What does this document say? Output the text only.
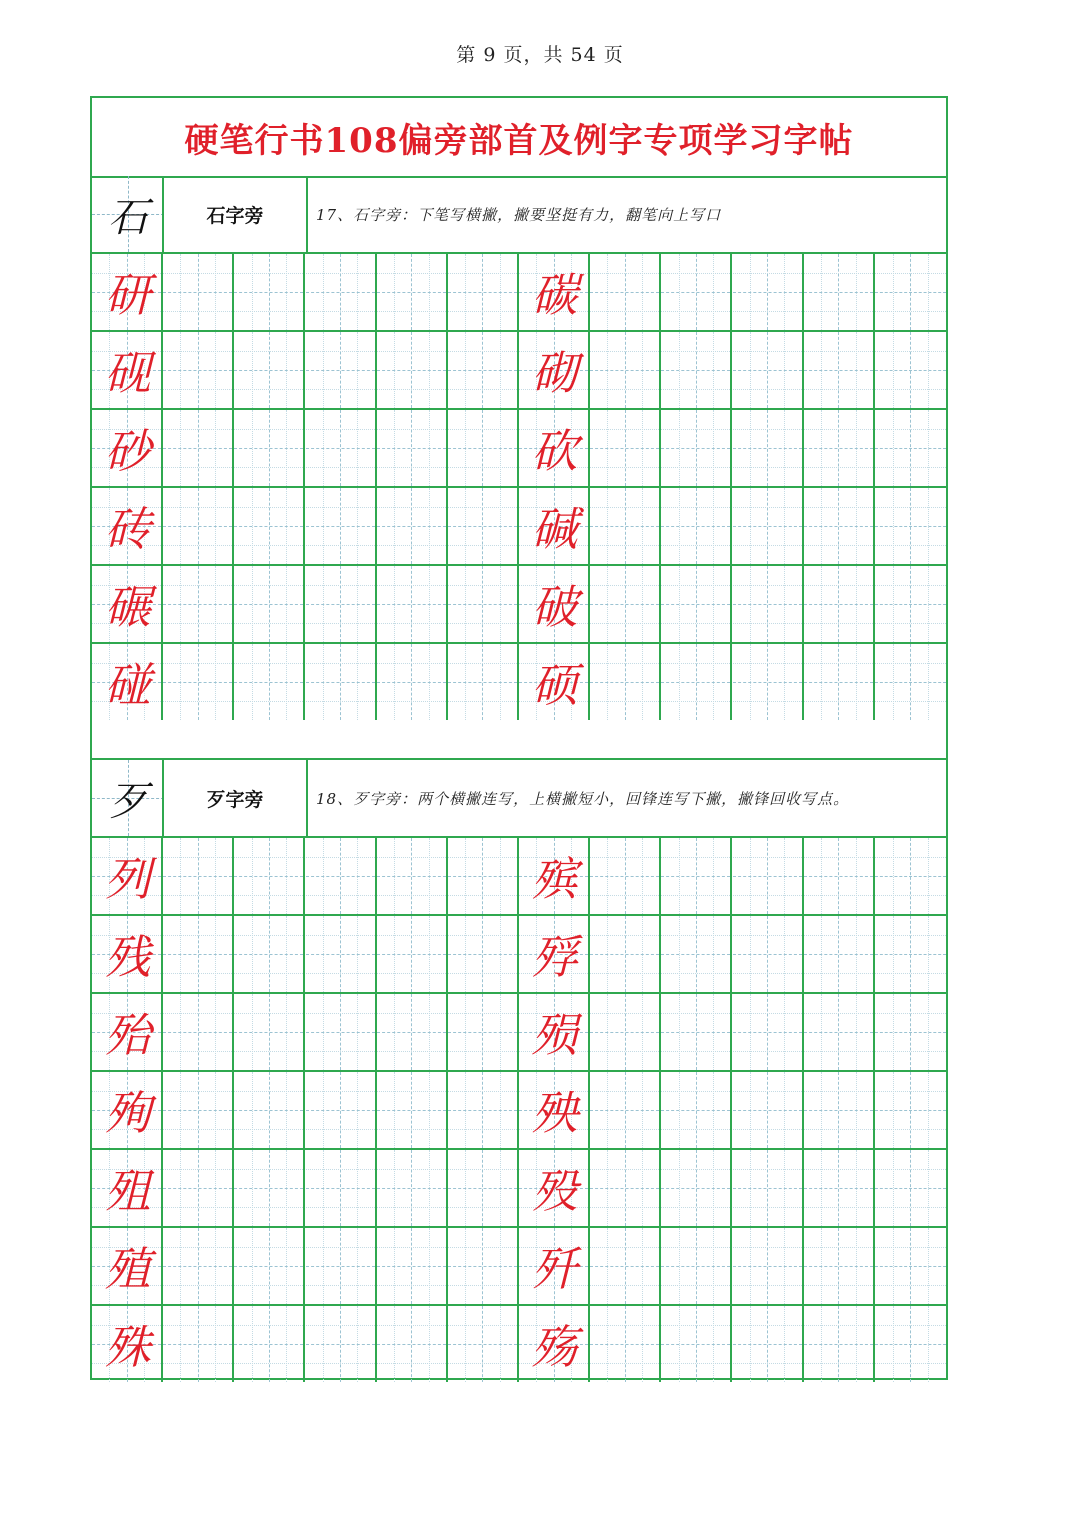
第 9 页，共 54 页
硬笔行书108偏旁部首及例字专项学习字帖
石	石字旁	17、石字旁：下笔写横撇，撇要坚挺有力，翻笔向上写口
研	碳
砚	砌
砂	砍
砖	碱
碾	破
碰	硕
歹	歹字旁	18、歹字旁：两个横撇连写，上横撇短小，回锋连写下撇，撇锋回收写点。
列	殡
残	殍
殆	殒
殉	殃
殂	殁
殖	歼
殊	殇
